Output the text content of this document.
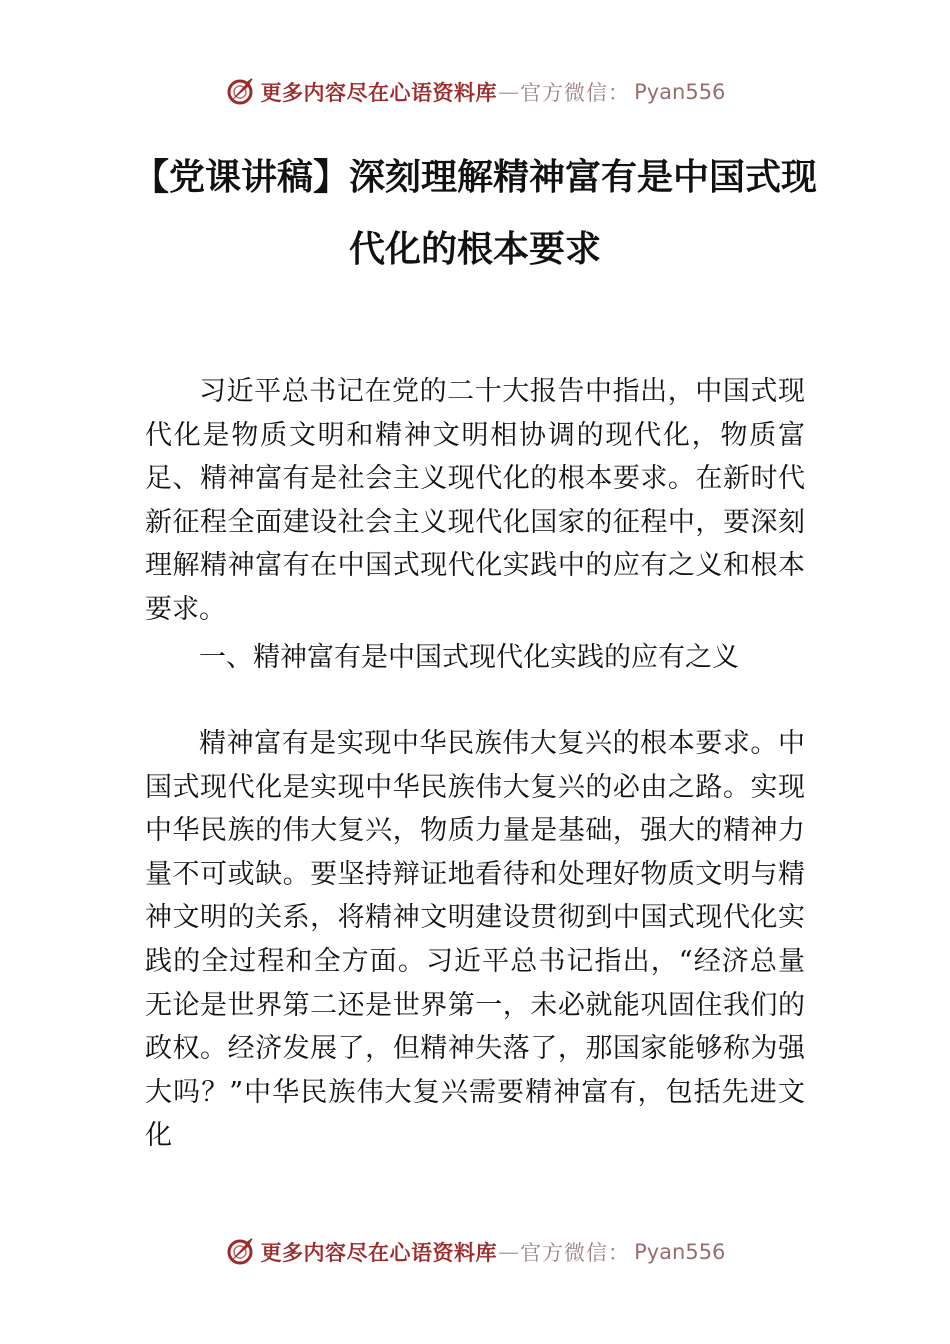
更多内容尽在心语资料库 — 官方微信： Pyan556
【党课讲稿】深刻理解精神富有是中国式现
代化的根本要求

习近平总书记在党的二十大报告中指出，中国式现代化是物质文明和精神文明相协调的现代化，物质富足、精神富有是社会主义现代化的根本要求。在新时代新征程全面建设社会主义现代化国家的征程中，要深刻理解精神富有在中国式现代化实践中的应有之义和根本要求。

一、精神富有是中国式现代化实践的应有之义

精神富有是实现中华民族伟大复兴的根本要求。中国式现代化是实现中华民族伟大复兴的必由之路。实现中华民族的伟大复兴，物质力量是基础，强大的精神力量不可或缺。要坚持辩证地看待和处理好物质文明与精神文明的关系，将精神文明建设贯彻到中国式现代化实践的全过程和全方面。习近平总书记指出，“经济总量无论是世界第二还是世界第一，未必就能巩固住我们的政权。经济发展了，但精神失落了，那国家能够称为强大吗？”中华民族伟大复兴需要精神富有，包括先进文化

更多内容尽在心语资料库 — 官方微信： Pyan556
